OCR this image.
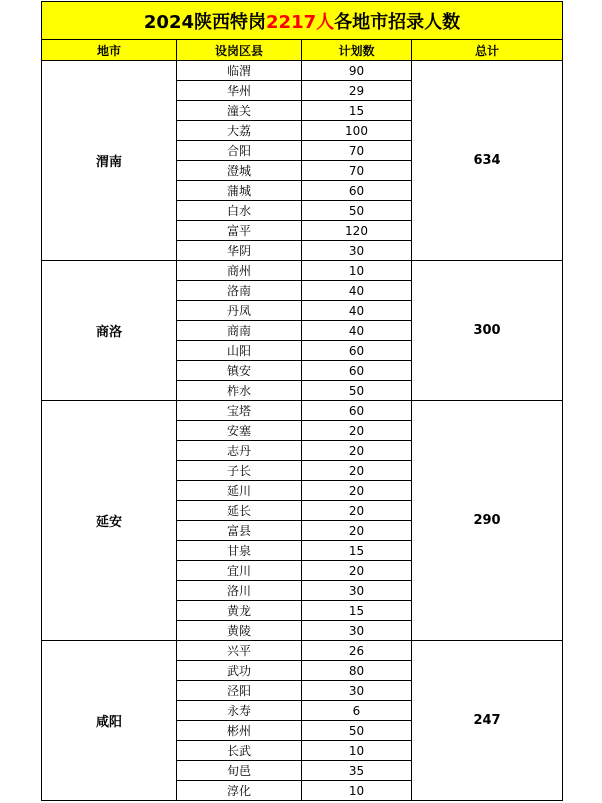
2024陕西特岗2217人各地市招录人数			
地市	设岗区县	计划数	总计
渭南	临渭	90	634
	华州	29	
	潼关	15	
	大荔	100	
	合阳	70	
	澄城	70	
	蒲城	60	
	白水	50	
	富平	120	
	华阴	30	
商洛	商州	10	300
	洛南	40	
	丹凤	40	
	商南	40	
	山阳	60	
	镇安	60	
	柞水	50	
延安	宝塔	60	290
	安塞	20	
	志丹	20	
	子长	20	
	延川	20	
	延长	20	
	富县	20	
	甘泉	15	
	宜川	20	
	洛川	30	
	黄龙	15	
	黄陵	30	
咸阳	兴平	26	247
	武功	80	
	泾阳	30	
	永寿	6	
	彬州	50	
	长武	10	
	旬邑	35	
	淳化	10	
